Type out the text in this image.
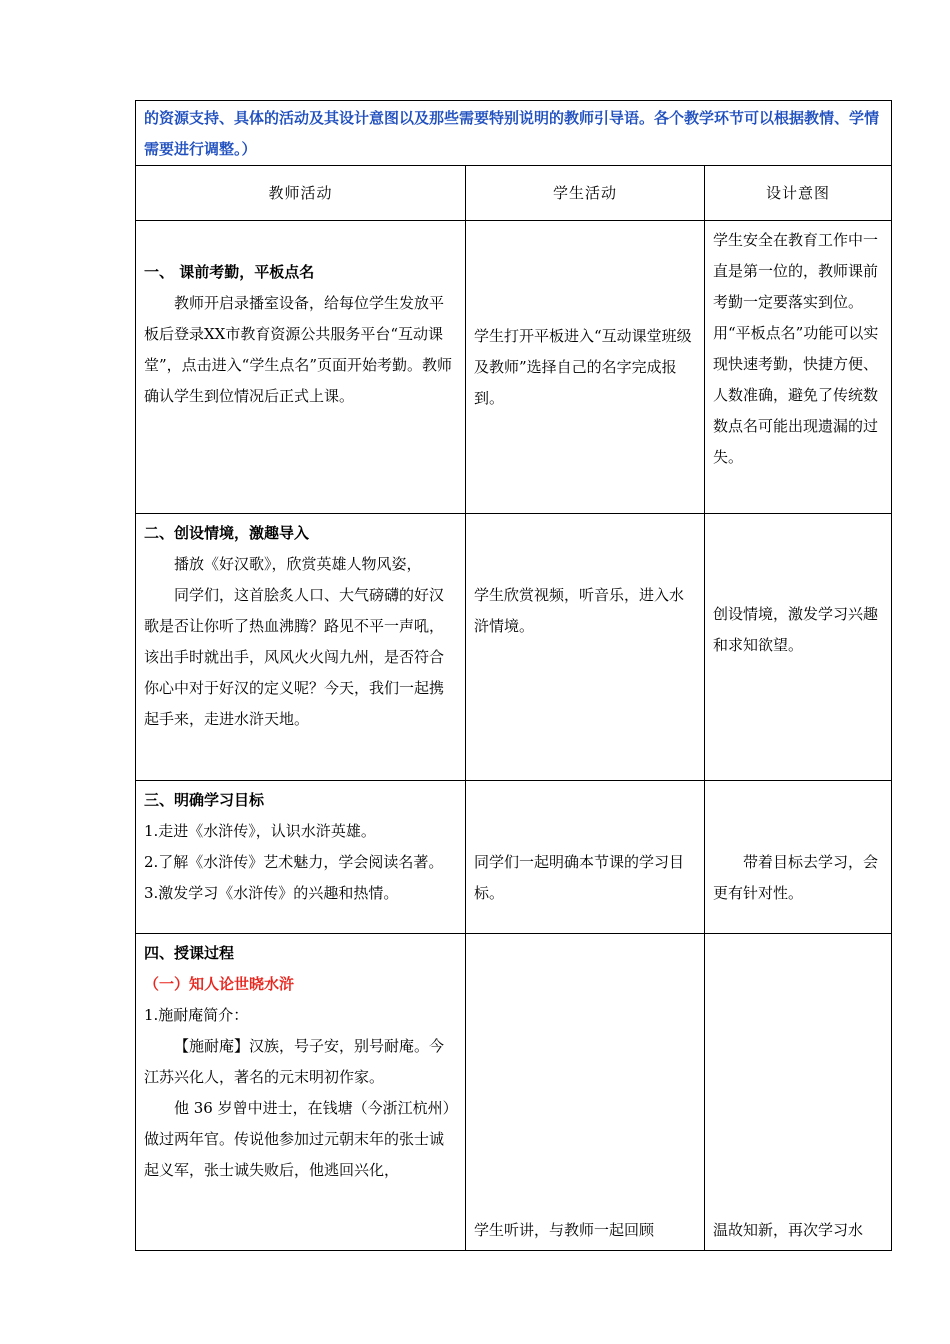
的资源支持、具体的活动及其设计意图以及那些需要特别说明的教师引导语。各个教学环节可以根据教情、学情需要进行调整。）		
教师活动	学生活动	设计意图

一、 课前考勤，平板点名

教师开启录播室设备，给每位学生发放平板后登录XX市教育资源公共服务平台“互动课堂”，点击进入“学生点名”页面开始考勤。教师确认学生到位情况后正式上课。	学生打开平板进入“互动课堂班级及教师”选择自己的名字完成报到。	学生安全在教育工作中一直是第一位的，教师课前考勤一定要落实到位。用“平板点名”功能可以实现快速考勤，快捷方便、人数准确，避免了传统数数点名可能出现遗漏的过失。

二、创设情境，激趣导入

播放《好汉歌》，欣赏英雄人物风姿，

同学们，这首脍炙人口、大气磅礴的好汉歌是否让你听了热血沸腾？路见不平一声吼，该出手时就出手，风风火火闯九州，是否符合你心中对于好汉的定义呢？今天，我们一起携起手来，走进水浒天地。	学生欣赏视频，听音乐，进入水浒情境。	创设情境，激发学习兴趣和求知欲望。

三、明确学习目标

1.走进《水浒传》，认识水浒英雄。

2.了解《水浒传》艺术魅力，学会阅读名著。

3.激发学习《水浒传》的兴趣和热情。	同学们一起明确本节课的学习目标。	带着目标去学习，会更有针对性。

四、授课过程

（一）知人论世晓水浒

1.施耐庵简介：

【施耐庵】汉族，号子安，别号耐庵。今江苏兴化人，著名的元末明初作家。

他 36 岁曾中进士，在钱塘（今浙江杭州）做过两年官。传说他参加过元朝末年的张士诚起义军，张士诚失败后，他逃回兴化，	学生听讲，与教师一起回顾	温故知新，再次学习水
